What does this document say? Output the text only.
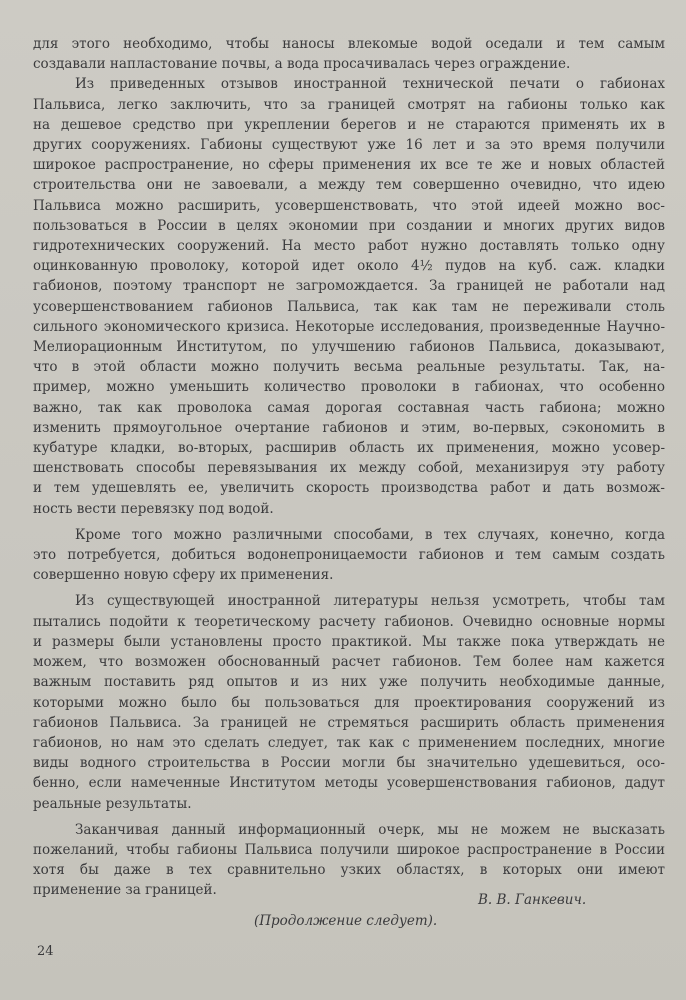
для этого необходимо, чтобы наносы влекомые водой оседали и тем самым
создавали напластование почвы, а вода просачивалась через ограждение.
Из приведенных отзывов иностранной технической печати о габионах
Пальвиса, легко заключить, что за границей смотрят на габионы только как
на дешевое средство при укреплении берегов и не стараются применять их в
других сооружениях. Габионы существуют уже 16 лет и за это время получили
широкое распространение, но сферы применения их все те же и новых областей
строительства они не завоевали, а между тем совершенно очевидно, что идею
Пальвиса можно расширить, усовершенствовать, что этой идеей можно вос-
пользоваться в России в целях экономии при создании и многих других видов
гидротехнических сооружений. На место работ нужно доставлять только одну
оцинкованную проволоку, которой идет около 4½ пудов на куб. саж. кладки
габионов, поэтому транспорт не загромождается. За границей не работали над
усовершенствованием габионов Пальвиса, так как там не переживали столь
сильного экономического кризиса. Некоторые исследования, произведенные Научно-
Мелиорационным Институтом, по улучшению габионов Пальвиса, доказывают,
что в этой области можно получить весьма реальные результаты. Так, на-
пример, можно уменьшить количество проволоки в габионах, что особенно
важно, так как проволока самая дорогая составная часть габиона; можно
изменить прямоугольное очертание габионов и этим, во-первых, сэкономить в
кубатуре кладки, во-вторых, расширив область их применения, можно усовер-
шенствовать способы перевязывания их между собой, механизируя эту работу
и тем удешевлять ее, увеличить скорость производства работ и дать возмож-
ность вести перевязку под водой.
Кроме того можно различными способами, в тех случаях, конечно, когда
это потребуется, добиться водонепроницаемости габионов и тем самым создать
совершенно новую сферу их применения.
Из существующей иностранной литературы нельзя усмотреть, чтобы там
пытались подойти к теоретическому расчету габионов. Очевидно основные нормы
и размеры были установлены просто практикой. Мы также пока утверждать не
можем, что возможен обоснованный расчет габионов. Тем более нам кажется
важным поставить ряд опытов и из них уже получить необходимые данные,
которыми можно было бы пользоваться для проектирования сооружений из
габионов Пальвиса. За границей не стремяться расширить область применения
габионов, но нам это сделать следует, так как с применением последних, многие
виды водного строительства в России могли бы значительно удешевиться, осо-
бенно, если намеченные Институтом методы усовершенствования габионов, дадут
реальные результаты.
Заканчивая данный информационный очерк, мы не можем не высказать
пожеланий, чтобы габионы Пальвиса получили широкое распространение в России
хотя бы даже в тех сравнительно узких областях, в которых они имеют
применение за границей.
В. В. Ганкевич.
(Продолжение следует).
24
